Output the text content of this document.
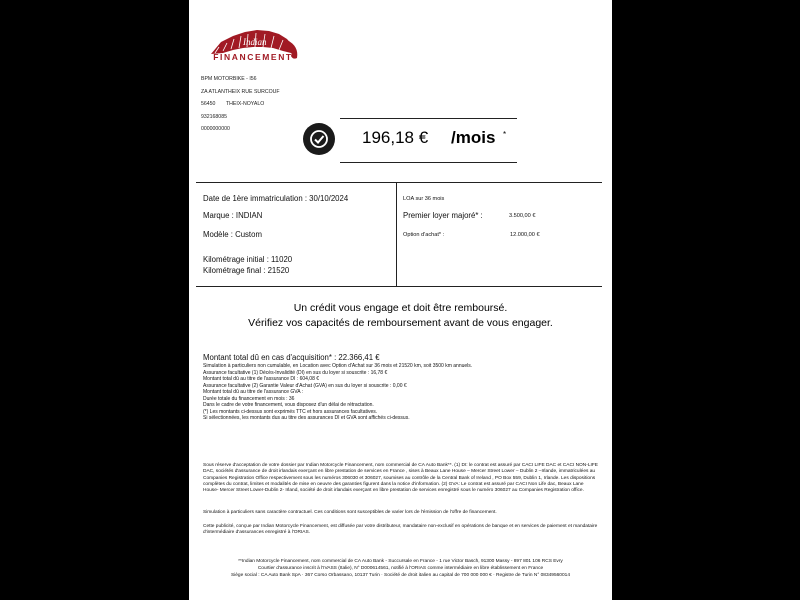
Indian
FINANCEMENT
BPM MOTORBIKE - I56
ZA ATLANTHEIX RUE SURCOUF
56450 THEIX-NOYALO
932168085
0000000000	196,18 € /mois *
Date de 1ère immatriculation : 30/10/2024
Marque : INDIAN
Modèle : Custom
Kilométrage initial : 11020
Kilométrage final : 21520
LOA sur 36 mois
Premier loyer majoré* :	3.500,00 €
Option d'achat* :	12.000,00 €
Un crédit vous engage et doit être remboursé.
Vérifiez vos capacités de remboursement avant de vous engager.
Montant total dû en cas d'acquisition* : 22.366,41 €
Simulation à particuliers non cumulable, en Location avec Option d'Achat sur 36 mois et 21520 km, soit 3500 km annuels.
Assurance facultative (1) Décès-Invalidité (DI) en sus du loyer si souscrite : 16,78 €
Montant total dû au titre de l'assurance DI : 604,08 €
Assurance facultative (2) Garantie Valeur d'Achat (GVA) en sus du loyer si souscrite : 0,00 €
Montant total dû au titre de l'assurance GVA :
Durée totale du financement en mois : 36
Dans le cadre de votre financement, vous disposez d'un délai de rétractation.
(*) Les montants ci-dessus sont exprimés TTC et hors assurances facultatives.
Si sélectionnées, les montants dus au titre des assurances DI et GVA sont affichés ci-dessus.
Sous réserve d'acceptation de votre dossier par Indian Motorcycle Financement, nom commercial de CA Auto Bank**. (1) DI: le contrat est assuré par CACI LIFE DAC et CACI NON-LIFE DAC, sociétés d'assurance de droit irlandais exerçant en libre prestation de services en France , sises à Beaux Lane House – Mercer Street Lower – Dublin 2 –Irlande, immatriculées au Companies Registration Office respectivement sous les numéros 306030 et 306027, soumises au contrôle de la Central Bank of Ireland , PO Box 559, Dublin 1, Irlande. Les dispositions complètes du contrat, limites et modalités de mise en oeuvre des garanties figurent dans la notice d'information. (2) GVA: Le contrat est assuré par CACI Non Life dac, Beaux Lane House- Mercer Street Lower-Dublin 2- Irland, société de droit irlandais exerçant en libre prestation de services enregistré sous le numéro 306027 au Companies Registration office.
Simulation à particuliers sans caractère contractuel. Ces conditions sont susceptibles de varier lors de l'émission de l'offre de financement.
Cette publicité, conçue par Indian Motorcycle Financement, est diffusée par votre distributeur, mandataire non-exclusif en opérations de banque et en services de paiement et mandataire d'intermédiaire d'assurances enregistré à l'ORIAS.
**Indian Motorcycle Financement, nom commercial de CA Auto Bank - Succursale en France - 1 rue Victor Basch, 91300 Massy - 897 801 106 RCS Evry
Courtier d'assurance inscrit à l'IVASS (Italie), N° D000614561, notifié à l'ORIAS comme intermédiaire en libre établissement en France
Siège social : CA Auto Bank SpA · 367 Corso Orbassano, 10137 Turin · Société de droit italien au capital de 700 000 000 € · Registre de Turin N° 08349560014
